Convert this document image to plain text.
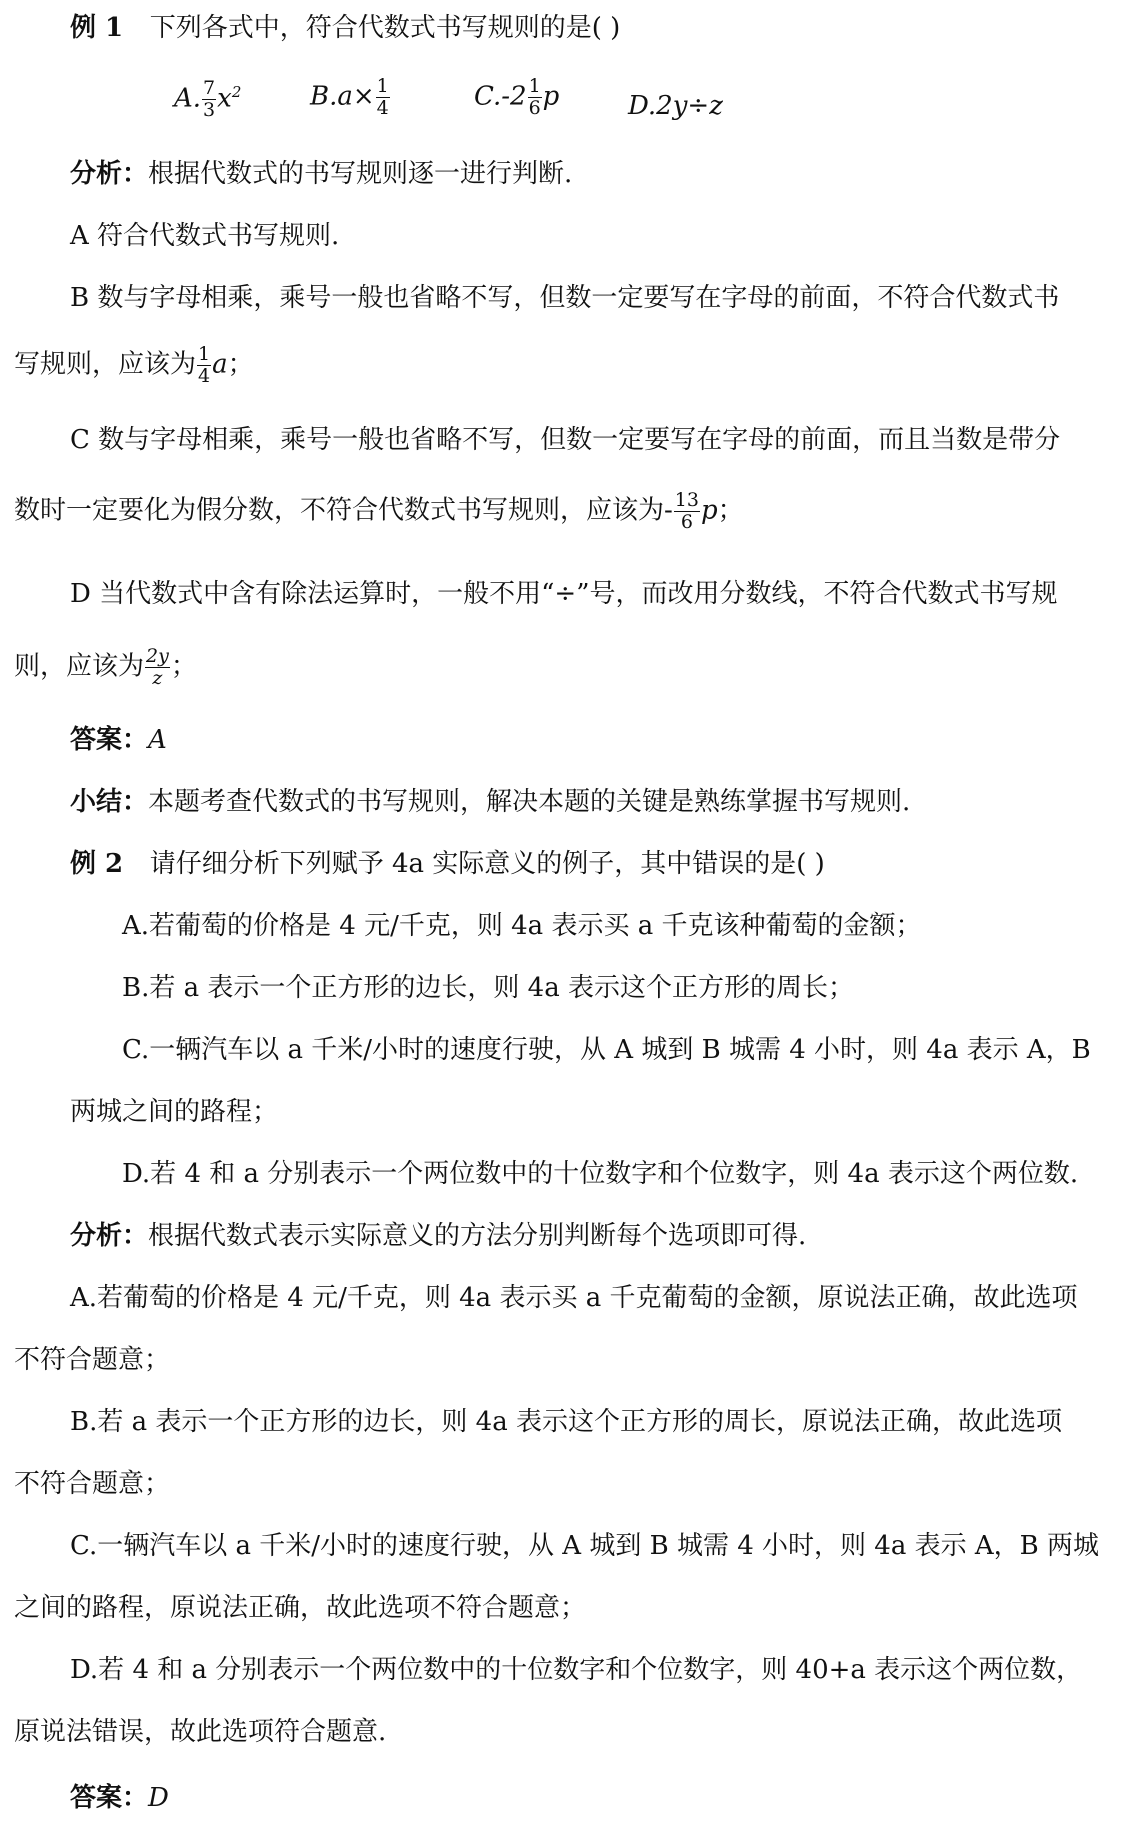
例 1 下列各式中，符合代数式书写规则的是( )
A. $\frac{7}{3} x^2$	$B.a\times \frac{1}{4}$	$C.-2 \frac{1}{6}$ p	D.2y÷z
分析：根据代数式的书写规则逐一进行判断.
A 符合代数式书写规则.
B 数与字母相乘，乘号一般也省略不写，但数一定要写在字母的前面，不符合代数式书
写规则，应该为 $\frac{1}{4}$ a；
C 数与字母相乘，乘号一般也省略不写，但数一定要写在字母的前面，而且当数是带分
数时一定要化为假分数，不符合代数式书写规则，应该为- $\frac{13}{6}$ p；
D 当代数式中含有除法运算时，一般不用“÷”号，而改用分数线，不符合代数式书写规
则，应该为 $\frac{2y}{z}$ ；
答案：A
小结：本题考查代数式的书写规则，解决本题的关键是熟练掌握书写规则.
例 2 请仔细分析下列赋予 4a 实际意义的例子，其中错误的是( )
A.若葡萄的价格是 4 元/千克，则 4a 表示买 a 千克该种葡萄的金额；
B.若 a 表示一个正方形的边长，则 4a 表示这个正方形的周长；
C.一辆汽车以 a 千米/小时的速度行驶，从 A 城到 B 城需 4 小时，则 4a 表示 A，B
两城之间的路程；
D.若 4 和 a 分别表示一个两位数中的十位数字和个位数字，则 4a 表示这个两位数.
分析：根据代数式表示实际意义的方法分别判断每个选项即可得.
A.若葡萄的价格是 4 元/千克，则 4a 表示买 a 千克葡萄的金额，原说法正确，故此选项
不符合题意；
B.若 a 表示一个正方形的边长，则 4a 表示这个正方形的周长，原说法正确，故此选项
不符合题意；
C.一辆汽车以 a 千米/小时的速度行驶，从 A 城到 B 城需 4 小时，则 4a 表示 A，B 两城
之间的路程，原说法正确，故此选项不符合题意；
D.若 4 和 a 分别表示一个两位数中的十位数字和个位数字，则 40+a 表示这个两位数，
原说法错误，故此选项符合题意.
答案：D
